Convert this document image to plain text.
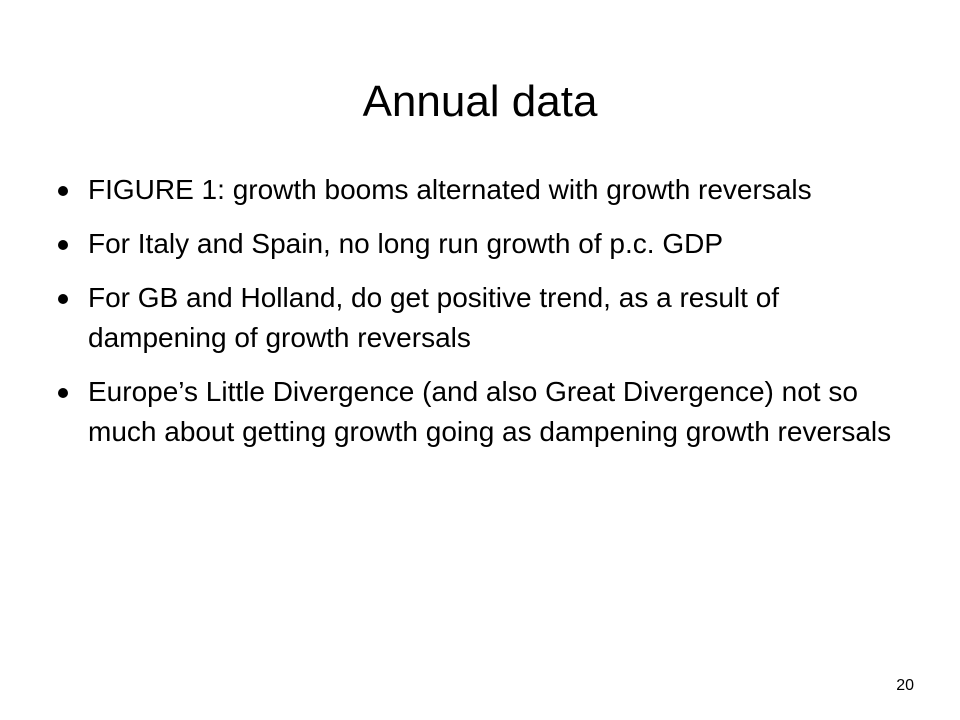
Annual data
FIGURE 1: growth booms alternated with growth reversals
For Italy and Spain, no long run growth of p.c. GDP
For GB and Holland, do get positive trend, as a result of dampening of growth reversals
Europe’s Little Divergence (and also Great Divergence) not so much about getting growth going as dampening growth reversals
20
